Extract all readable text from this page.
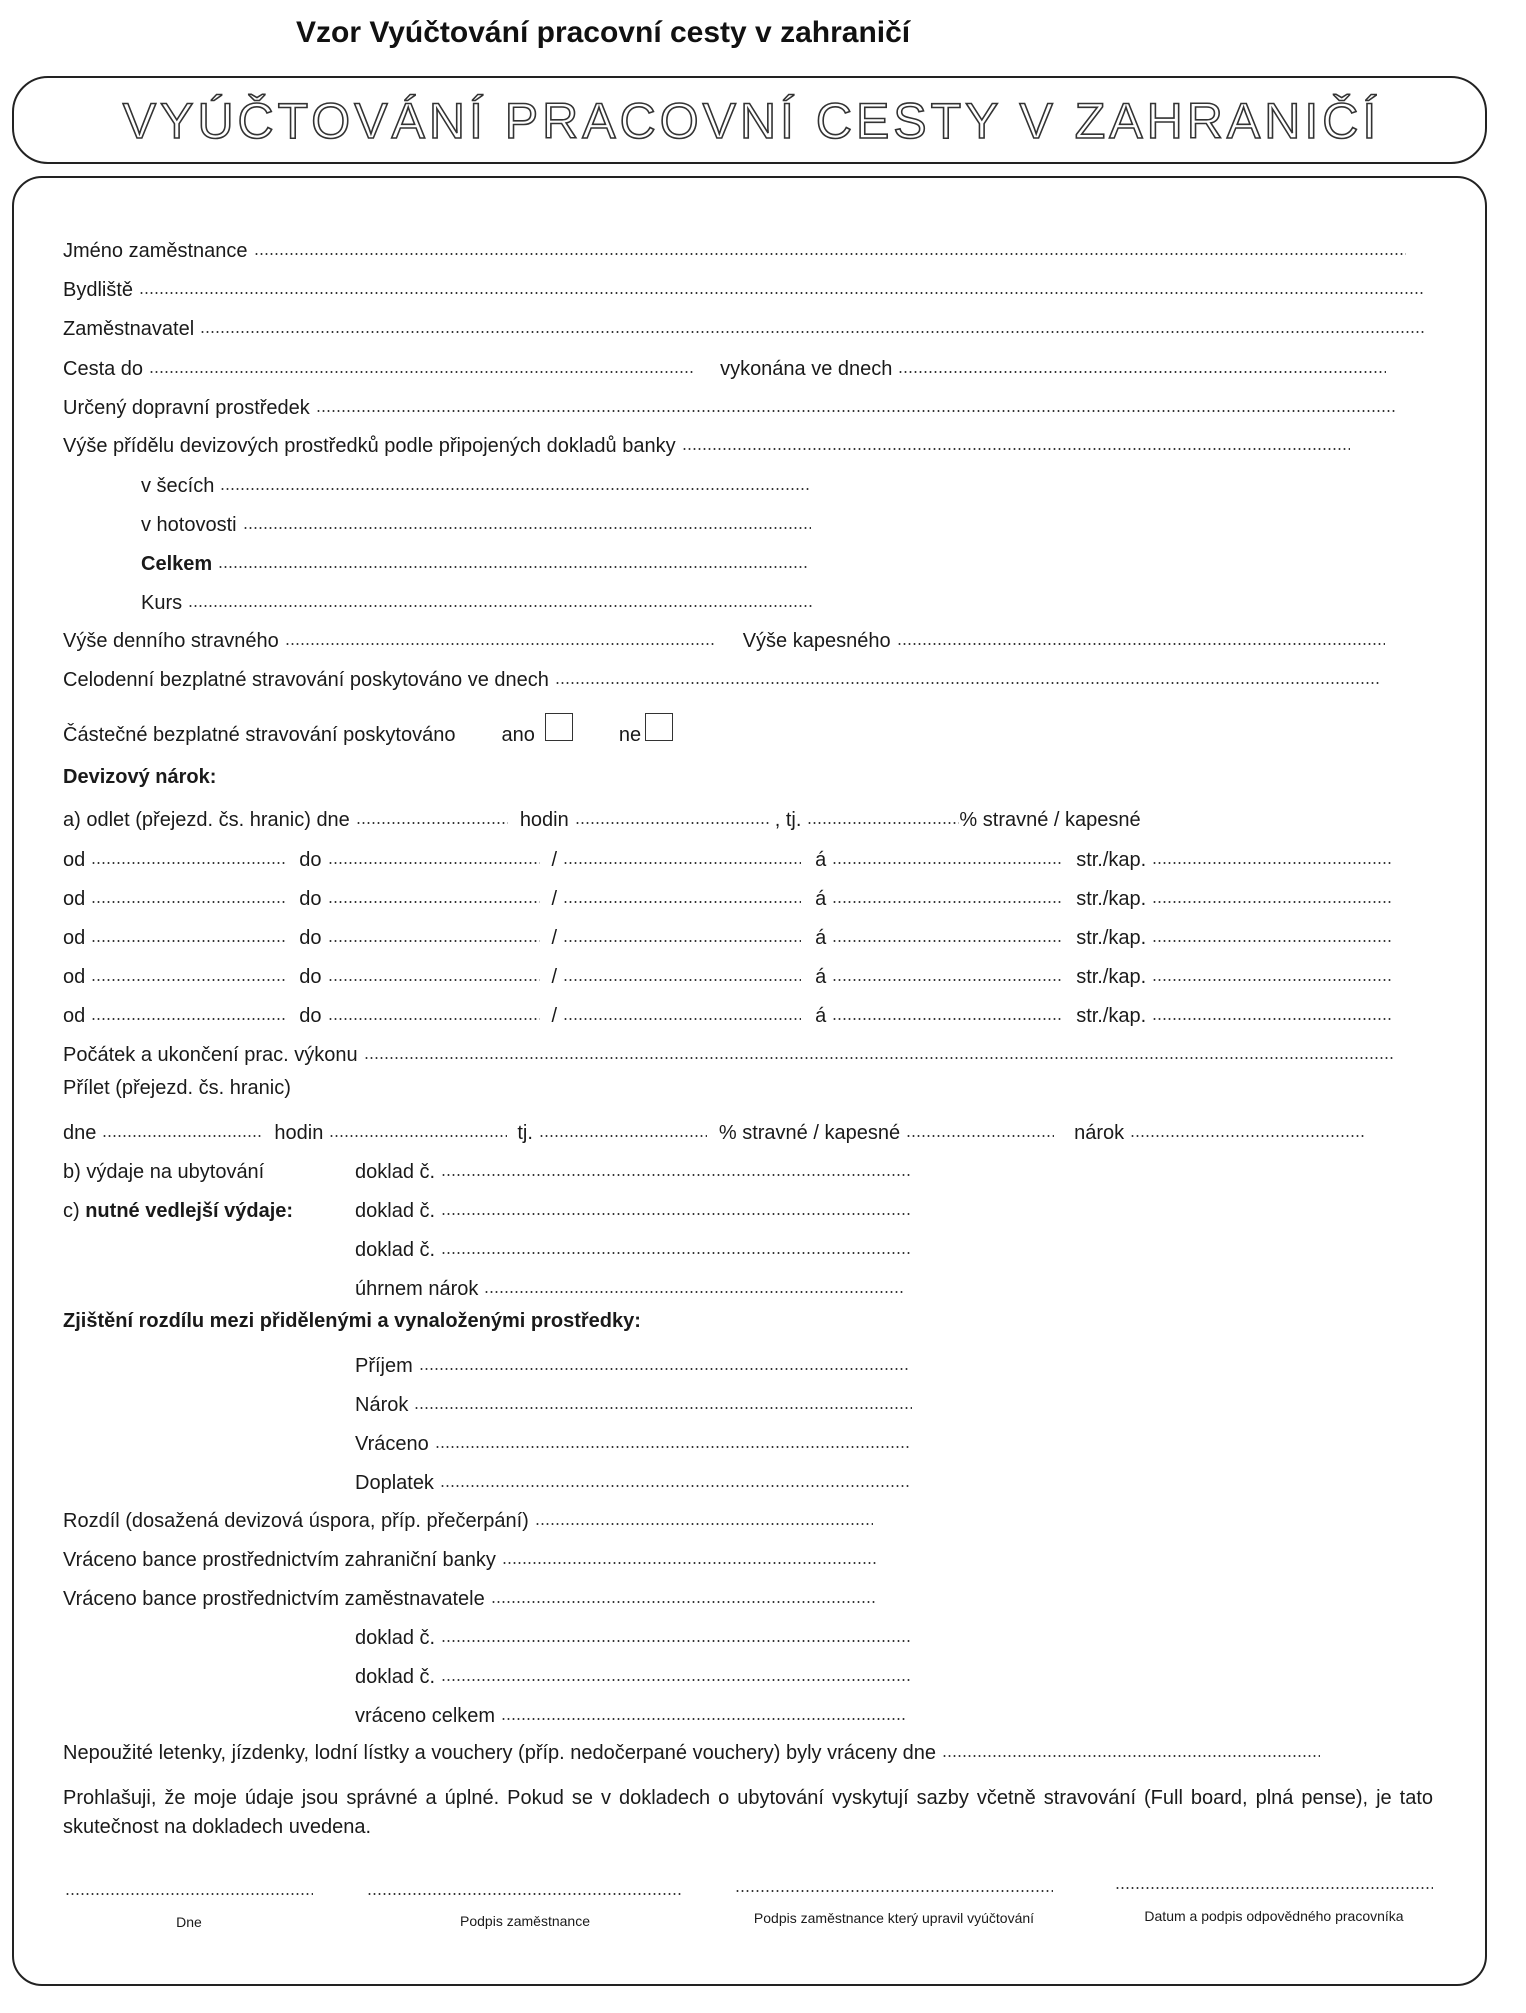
Vzor Vyúčtování pracovní cesty v zahraničí
VYÚČTOVÁNÍ PRACOVNÍ CESTY V ZAHRANIČÍ
Jméno zaměstnance
Bydliště
Zaměstnavatel
Cesta do	vykonána ve dnech
Určený dopravní prostředek
Výše přídělu devizových prostředků podle připojených dokladů banky
v šecích
v hotovosti
Celkem
Kurs
Výše denního stravného	Výše kapesného
Celodenní bezplatné stravování poskytováno ve dnech
Částečné bezplatné stravování poskytováno ano	ne
Devizový nárok:
a) odlet (přejezd. čs. hranic) dne	hodin	, tj.	% stravné / kapesné
od	do	/	á	str./kap.
od	do	/	á	str./kap.
od	do	/	á	str./kap.
od	do	/	á	str./kap.
od	do	/	á	str./kap.
Počátek a ukončení prac. výkonu
Přílet (přejezd. čs. hranic)
dne	hodin	tj.	% stravné / kapesné	nárok
b) výdaje na ubytování	doklad č.
c) nutné vedlejší výdaje:	doklad č.
doklad č.
úhrnem nárok
Zjištění rozdílu mezi přidělenými a vynaloženými prostředky:
Příjem
Nárok
Vráceno
Doplatek
Rozdíl (dosažená devizová úspora, příp. přečerpání)
Vráceno bance prostřednictvím zahraniční banky
Vráceno bance prostřednictvím zaměstnavatele
doklad č.
doklad č.
vráceno celkem
Nepoužité letenky, jízdenky, lodní lístky a vouchery (příp. nedočerpané vouchery) byly vráceny dne
Prohlašuji, že moje údaje jsou správné a úplné. Pokud se v dokladech o ubytování vyskytují sazby včetně stravování (Full board, plná pense), je tato skutečnost na dokladech uvedena.
Dne	Podpis zaměstnance	Podpis zaměstnance který upravil vyúčtování	Datum a podpis odpovědného pracovníka
